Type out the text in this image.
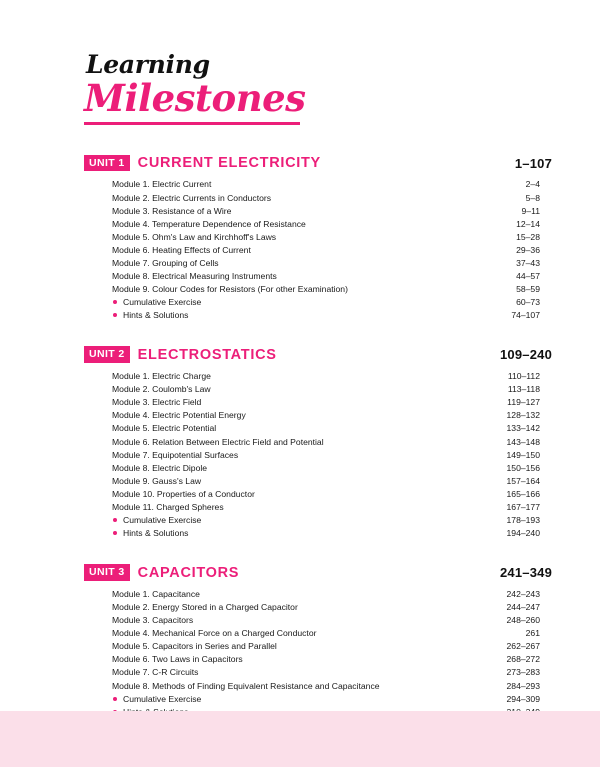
Learning
Milestones
UNIT 1 CURRENT ELECTRICITY	1–107
Module 1. Electric Current	2–4
Module 2. Electric Currents in Conductors	5–8
Module 3. Resistance of a Wire	9–11
Module 4. Temperature Dependence of Resistance	12–14
Module 5. Ohm's Law and Kirchhoff's Laws	15–28
Module 6. Heating Effects of Current	29–36
Module 7. Grouping of Cells	37–43
Module 8. Electrical Measuring Instruments	44–57
Module 9. Colour Codes for Resistors (For other Examination)	58–59
Cumulative Exercise	60–73
Hints & Solutions	74–107
UNIT 2 ELECTROSTATICS	109–240
Module 1. Electric Charge	110–112
Module 2. Coulomb's Law	113–118
Module 3. Electric Field	119–127
Module 4. Electric Potential Energy	128–132
Module 5. Electric Potential	133–142
Module 6. Relation Between Electric Field and Potential	143–148
Module 7. Equipotential Surfaces	149–150
Module 8. Electric Dipole	150–156
Module 9. Gauss's Law	157–164
Module 10. Properties of a Conductor	165–166
Module 11. Charged Spheres	167–177
Cumulative Exercise	178–193
Hints & Solutions	194–240
UNIT 3 CAPACITORS	241–349
Module 1. Capacitance	242–243
Module 2. Energy Stored in a Charged Capacitor	244–247
Module 3. Capacitors	248–260
Module 4. Mechanical Force on a Charged Conductor	261
Module 5. Capacitors in Series and Parallel	262–267
Module 6. Two Laws in Capacitors	268–272
Module 7. C-R Circuits	273–283
Module 8. Methods of Finding Equivalent Resistance and Capacitance	284–293
Cumulative Exercise	294–309
